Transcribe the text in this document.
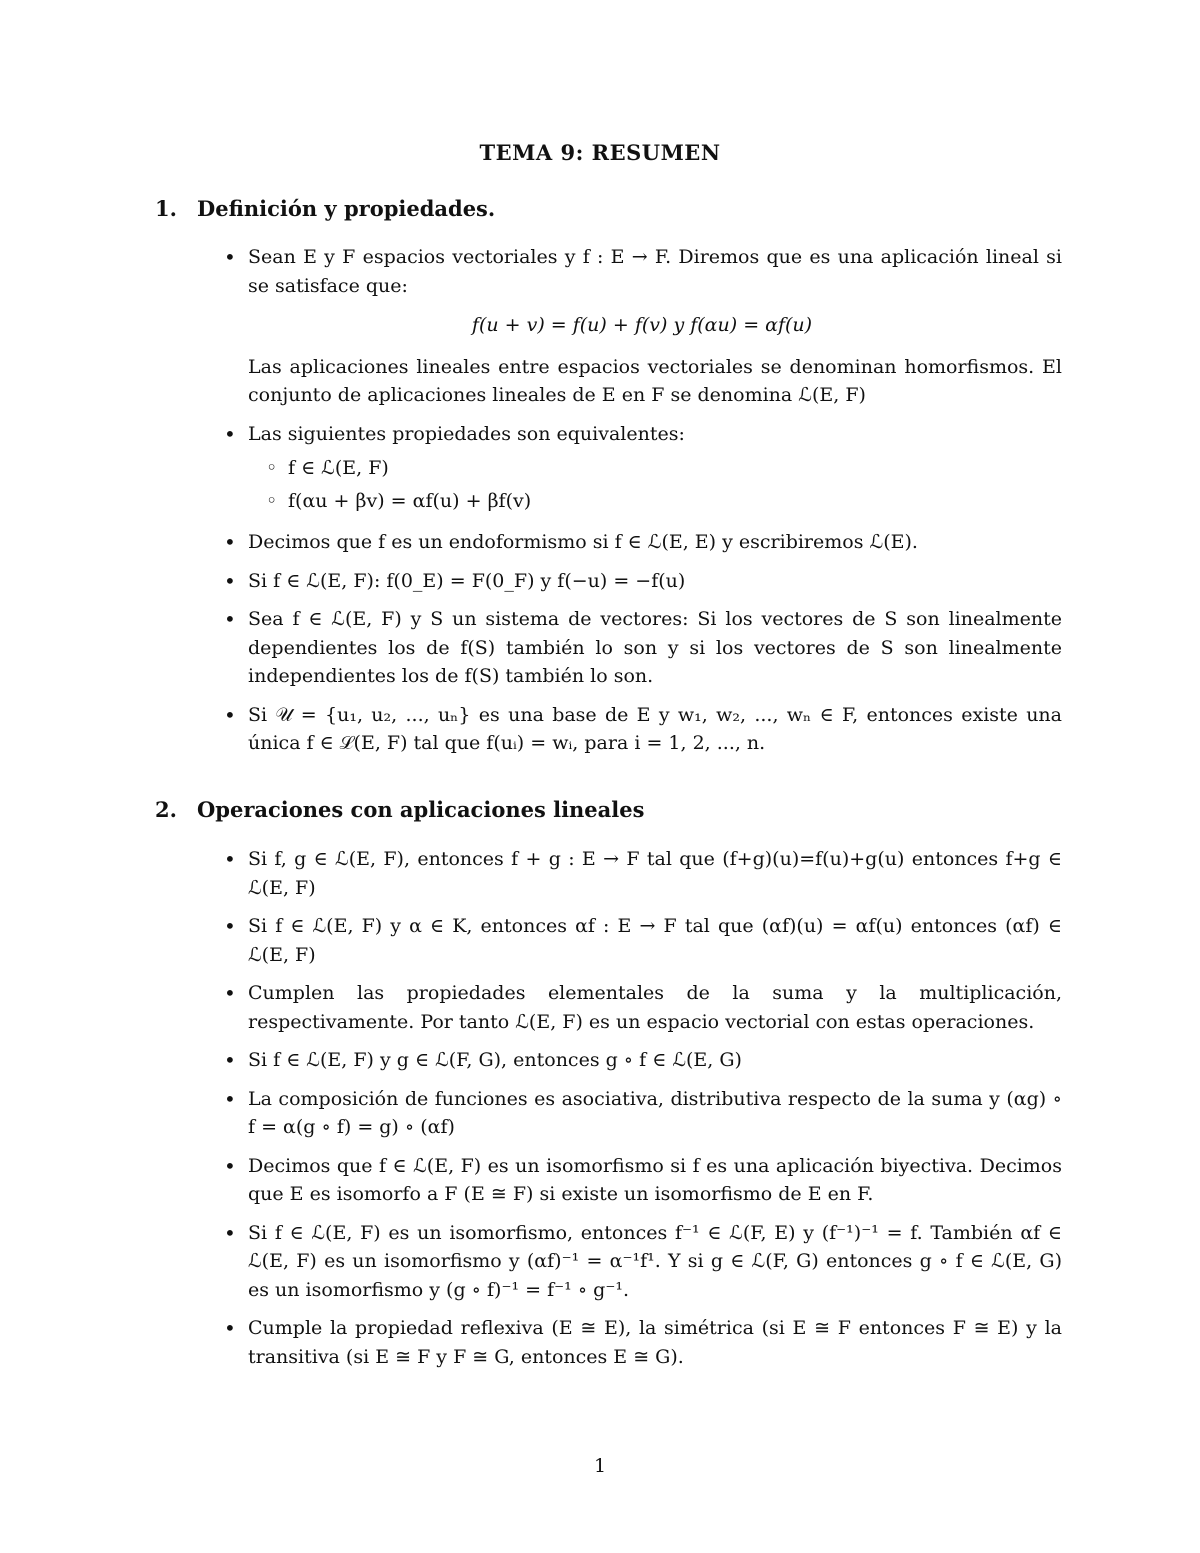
TEMA 9: RESUMEN
1. Definición y propiedades.
• Sean E y F espacios vectoriales y f : E → F. Diremos que es una aplicación lineal si se satisface que:
f(u + v) = f(u) + f(v) y f(αu) = αf(u)
Las aplicaciones lineales entre espacios vectoriales se denominan homorfismos. El conjunto de aplicaciones lineales de E en F se denomina ℒ(E, F)
• Las siguientes propiedades son equivalentes:
◦ f ∈ ℒ(E, F)
◦ f(αu + βv) = αf(u) + βf(v)
• Decimos que f es un endoformismo si f ∈ ℒ(E, E) y escribiremos ℒ(E).
• Si f ∈ ℒ(E, F): f(0_E) = F(0_F) y f(−u) = −f(u)
• Sea f ∈ ℒ(E, F) y S un sistema de vectores: Si los vectores de S son linealmente dependientes los de f(S) también lo son y si los vectores de S son linealmente independientes los de f(S) también lo son.
• Si 𝒰 = {u₁, u₂, ..., uₙ} es una base de E y w₁, w₂, ..., wₙ ∈ F, entonces existe una única f ∈ ℒ(E, F) tal que f(uᵢ) = wᵢ, para i = 1, 2, ..., n.
2. Operaciones con aplicaciones lineales
• Si f, g ∈ ℒ(E, F), entonces f + g : E → F tal que (f+g)(u)=f(u)+g(u) entonces f+g ∈ ℒ(E, F)
• Si f ∈ ℒ(E, F) y α ∈ K, entonces αf : E → F tal que (αf)(u) = αf(u) entonces (αf) ∈ ℒ(E, F)
• Cumplen las propiedades elementales de la suma y la multiplicación, respectivamente. Por tanto ℒ(E, F) es un espacio vectorial con estas operaciones.
• Si f ∈ ℒ(E, F) y g ∈ ℒ(F, G), entonces g ∘ f ∈ ℒ(E, G)
• La composición de funciones es asociativa, distributiva respecto de la suma y (αg) ∘ f = α(g ∘ f) = g) ∘ (αf)
• Decimos que f ∈ ℒ(E, F) es un isomorfismo si f es una aplicación biyectiva. Decimos que E es isomorfo a F (E ≅ F) si existe un isomorfismo de E en F.
• Si f ∈ ℒ(E, F) es un isomorfismo, entonces f⁻¹ ∈ ℒ(F, E) y (f⁻¹)⁻¹ = f. También αf ∈ ℒ(E, F) es un isomorfismo y (αf)⁻¹ = α⁻¹f¹. Y si g ∈ ℒ(F, G) entonces g ∘ f ∈ ℒ(E, G) es un isomorfismo y (g ∘ f)⁻¹ = f⁻¹ ∘ g⁻¹.
• Cumple la propiedad reflexiva (E ≅ E), la simétrica (si E ≅ F entonces F ≅ E) y la transitiva (si E ≅ F y F ≅ G, entonces E ≅ G).
1
